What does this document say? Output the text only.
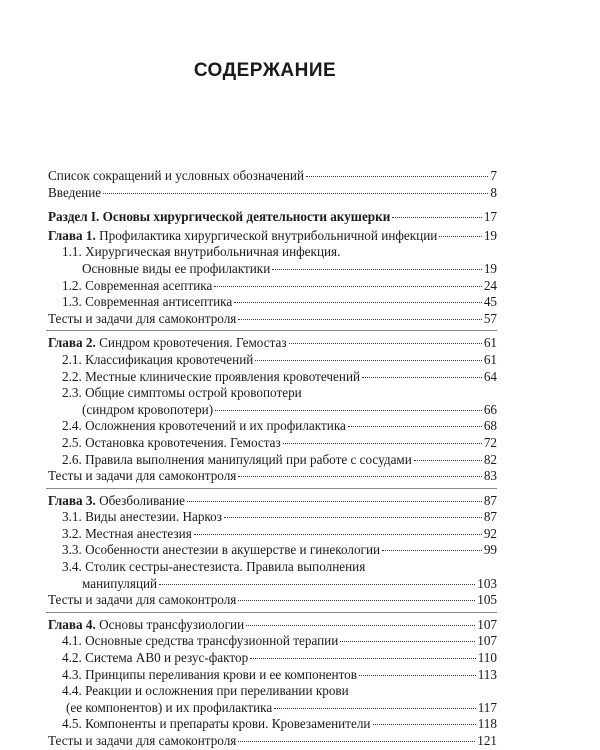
СОДЕРЖАНИЕ
Список сокращений и условных обозначений	7
Введение	8
Раздел I. Основы хирургической деятельности акушерки	17
Глава 1. Профилактика хирургической внутрибольничной инфекции	19
1.1. Хирургическая внутрибольничная инфекция.
Основные виды ее профилактики	19
1.2. Современная асептика	24
1.3. Современная антисептика	45
Тесты и задачи для самоконтроля	57
Глава 2. Синдром кровотечения. Гемостаз	61
2.1. Классификация кровотечений	61
2.2. Местные клинические проявления кровотечений	64
2.3. Общие симптомы острой кровопотери
(синдром кровопотери)	66
2.4. Осложнения кровотечений и их профилактика	68
2.5. Остановка кровотечения. Гемостаз	72
2.6. Правила выполнения манипуляций при работе с сосудами	82
Тесты и задачи для самоконтроля	83
Глава 3. Обезболивание	87
3.1. Виды анестезии. Наркоз	87
3.2. Местная анестезия	92
3.3. Особенности анестезии в акушерстве и гинекологии	99
3.4. Столик сестры-анестезиста. Правила выполнения
манипуляций	103
Тесты и задачи для самоконтроля	105
Глава 4. Основы трансфузиологии	107
4.1. Основные средства трансфузионной терапии	107
4.2. Система АВ0 и резус-фактор	110
4.3. Принципы переливания крови и ее компонентов	113
4.4. Реакции и осложнения при переливании крови
(ее компонентов) и их профилактика	117
4.5. Компоненты и препараты крови. Кровезаменители	118
Тесты и задачи для самоконтроля	121
